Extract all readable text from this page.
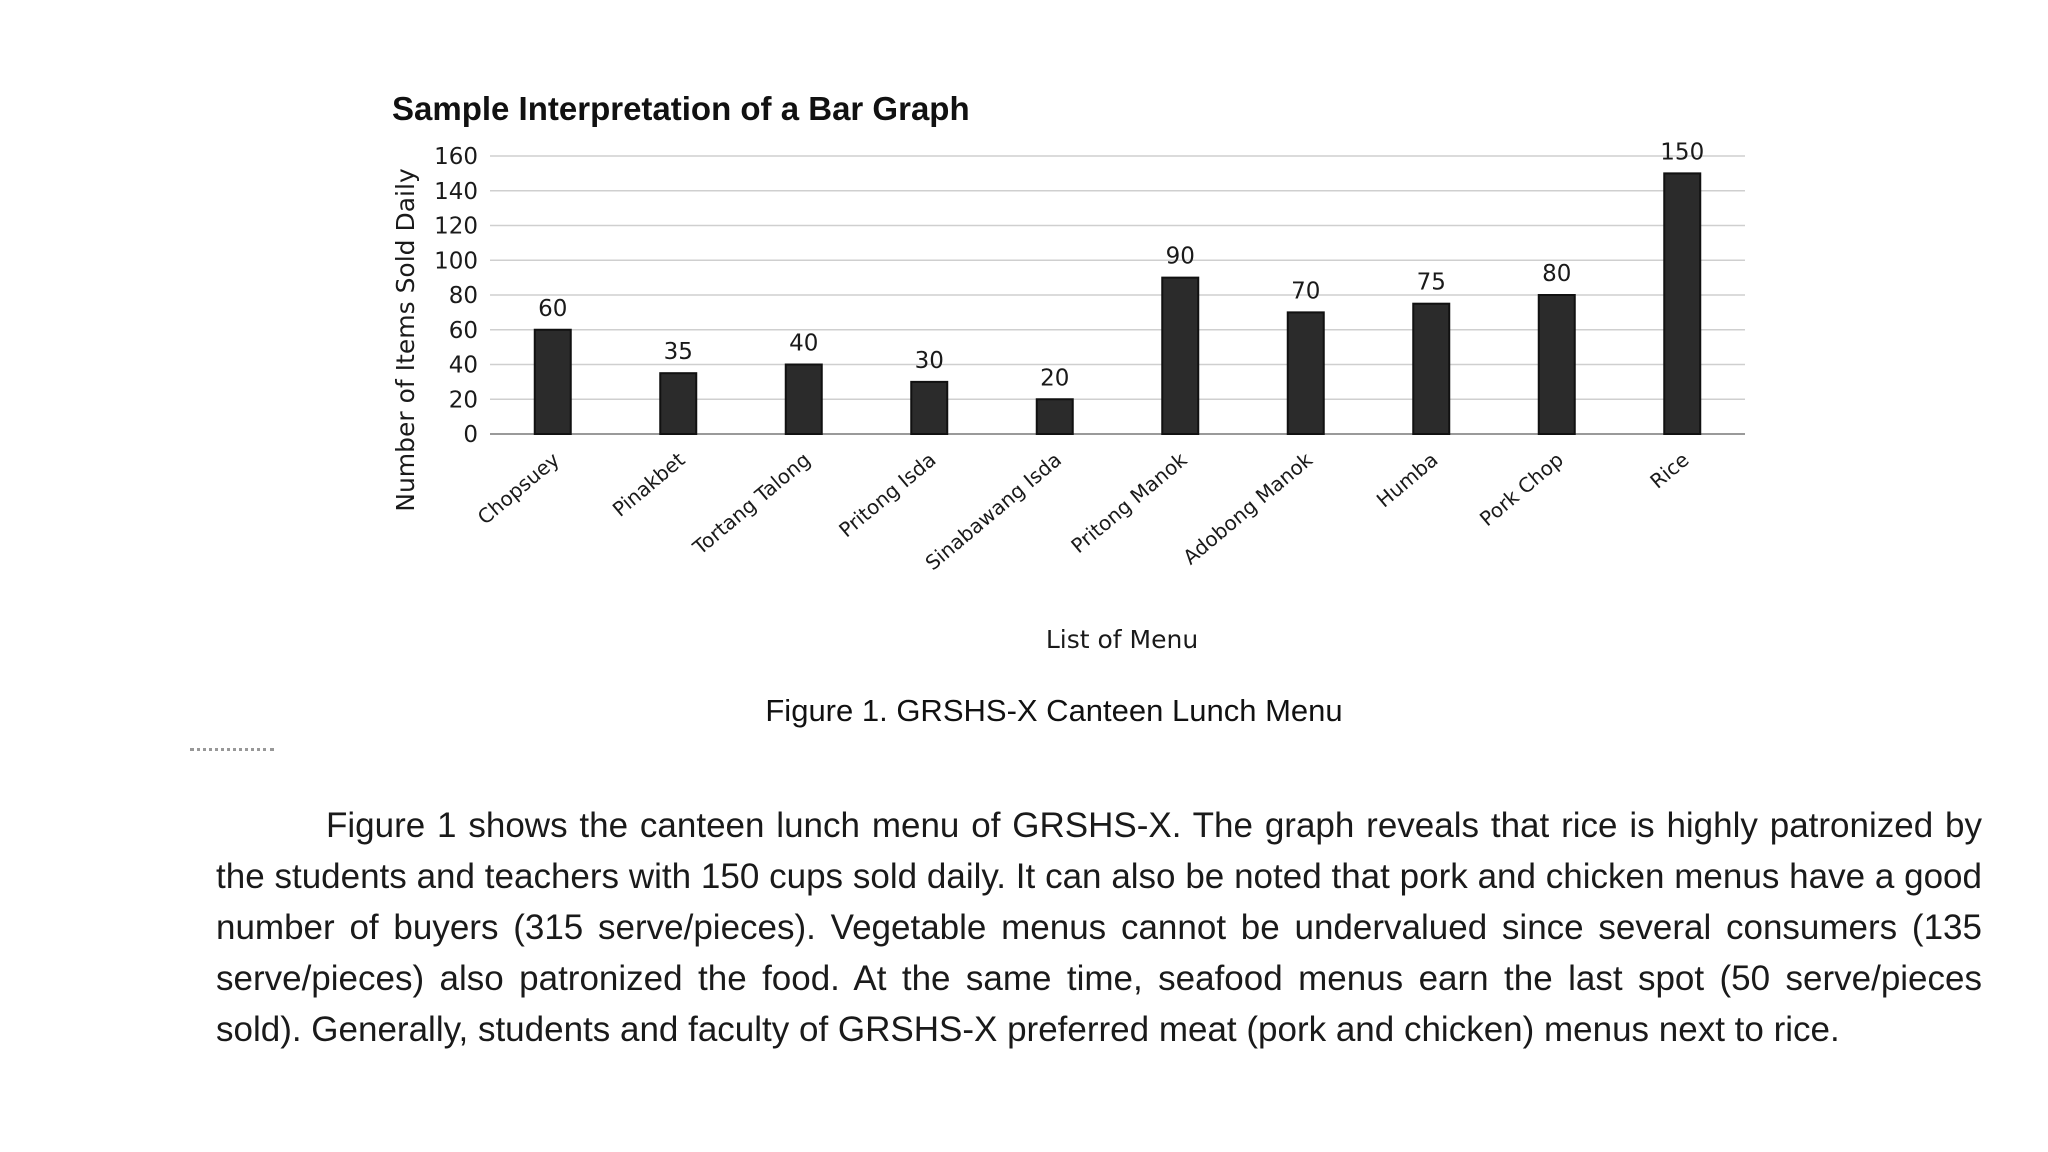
Sample Interpretation of a Bar Graph
0
20
40
60
80
100
120
140
160
60
35	40
30
20
90
70	75	80
150
Chopsuey Pinakbet
Tortang Talong Pritong Isda
Sinabawang Isda Pritong Manok
Adobong Manok	Humba Pork Chop	Rice
Number of Items Sold Daily
List of Menu
Figure 1. GRSHS-X Canteen Lunch Menu

Figure 1 shows the canteen lunch menu of GRSHS-X. The graph reveals that rice is highly patronized by the students and teachers with 150 cups sold daily. It can also be noted that pork and chicken menus have a good number of buyers (315 serve/pieces). Vegetable menus cannot be undervalued since several consumers (135 serve/pieces) also patronized the food. At the same time, seafood menus earn the last spot (50 serve/pieces sold). Generally, students and faculty of GRSHS-X preferred meat (pork and chicken) menus next to rice.
